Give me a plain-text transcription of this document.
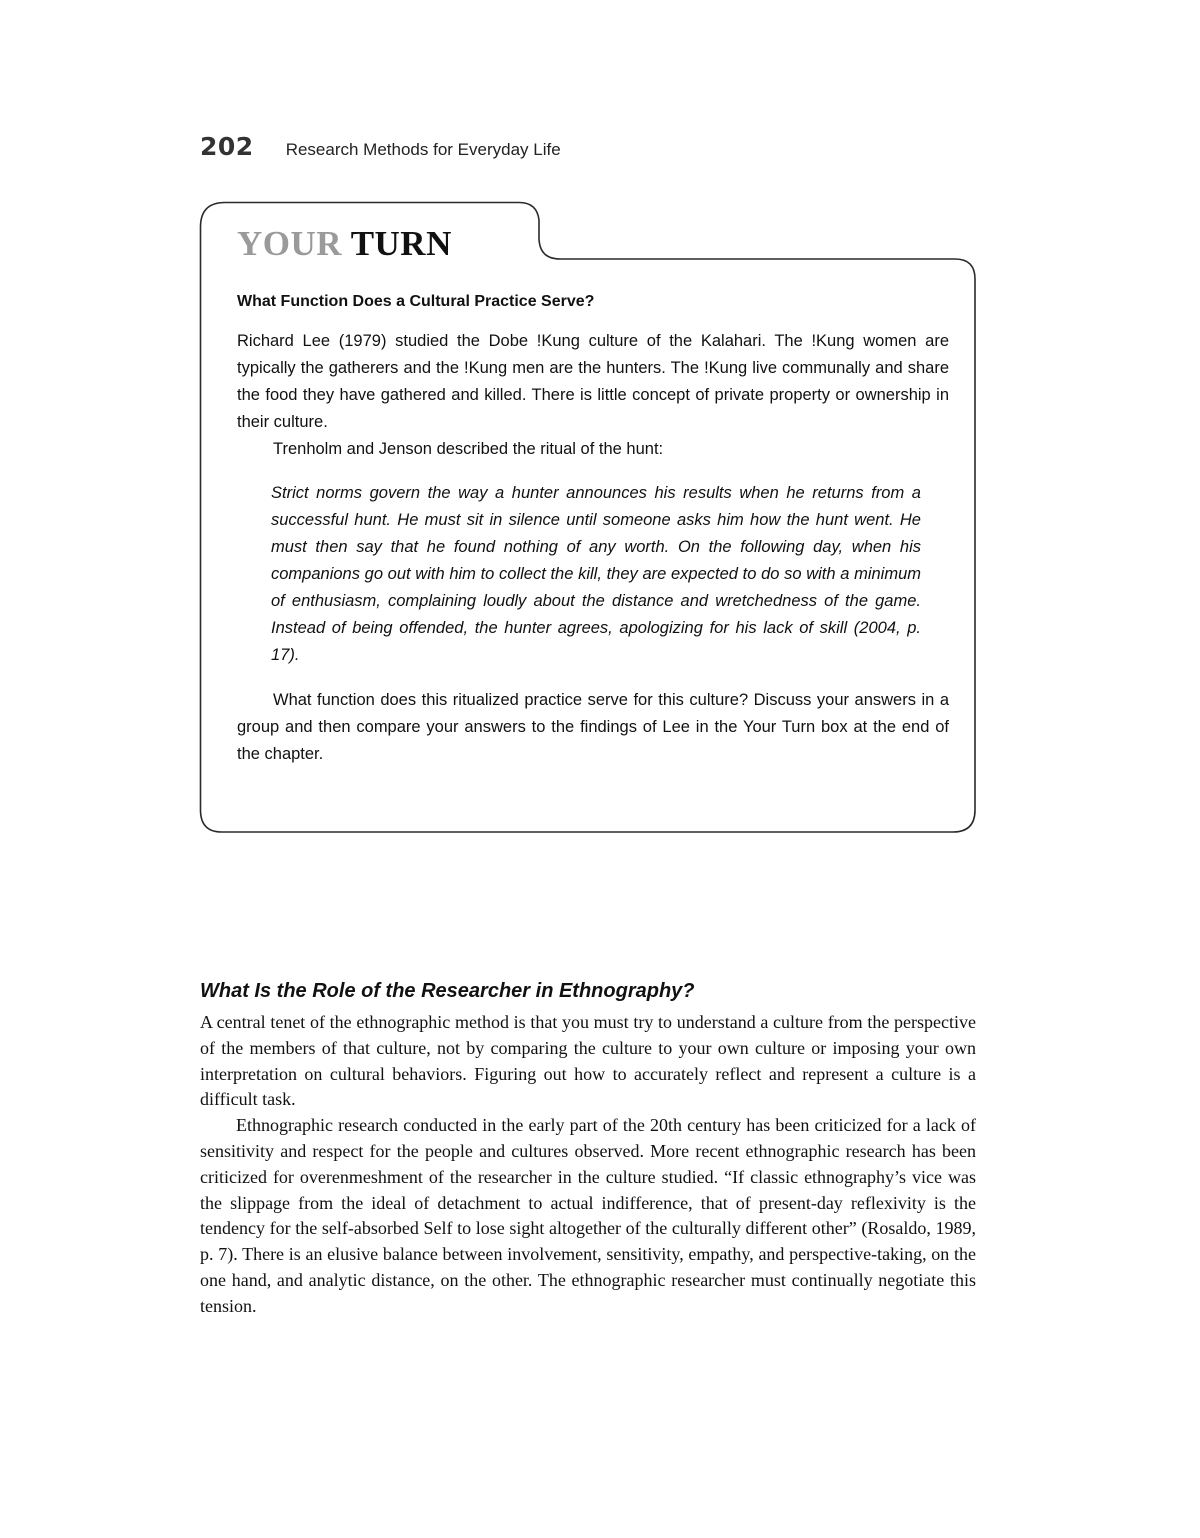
202 Research Methods for Everyday Life
YOUR TURN
What Function Does a Cultural Practice Serve?

Richard Lee (1979) studied the Dobe !Kung culture of the Kalahari. The !Kung women are typically the gatherers and the !Kung men are the hunters. The !Kung live communally and share the food they have gathered and killed. There is little concept of private property or ownership in their culture.

Trenholm and Jenson described the ritual of the hunt:

Strict norms govern the way a hunter announces his results when he returns from a successful hunt. He must sit in silence until someone asks him how the hunt went. He must then say that he found nothing of any worth. On the following day, when his companions go out with him to collect the kill, they are expected to do so with a minimum of enthusiasm, complaining loudly about the distance and wretchedness of the game. Instead of being offended, the hunter agrees, apologizing for his lack of skill (2004, p. 17).

What function does this ritualized practice serve for this culture? Discuss your answers in a group and then compare your answers to the findings of Lee in the Your Turn box at the end of the chapter.

What Is the Role of the Researcher in Ethnography?

A central tenet of the ethnographic method is that you must try to understand a culture from the perspective of the members of that culture, not by comparing the culture to your own culture or imposing your own interpretation on cultural behaviors. Figuring out how to accurately reflect and represent a culture is a difficult task.

Ethnographic research conducted in the early part of the 20th century has been criticized for a lack of sensitivity and respect for the people and cultures observed. More recent ethnographic research has been criticized for overenmeshment of the researcher in the culture studied. “If classic ethnography’s vice was the slippage from the ideal of detachment to actual indifference, that of present-day reflexivity is the tendency for the self-absorbed Self to lose sight altogether of the culturally different other” (Rosaldo, 1989, p. 7). There is an elusive balance between involvement, sensitivity, empathy, and perspective-taking, on the one hand, and analytic distance, on the other. The ethnographic researcher must continually negotiate this tension.
